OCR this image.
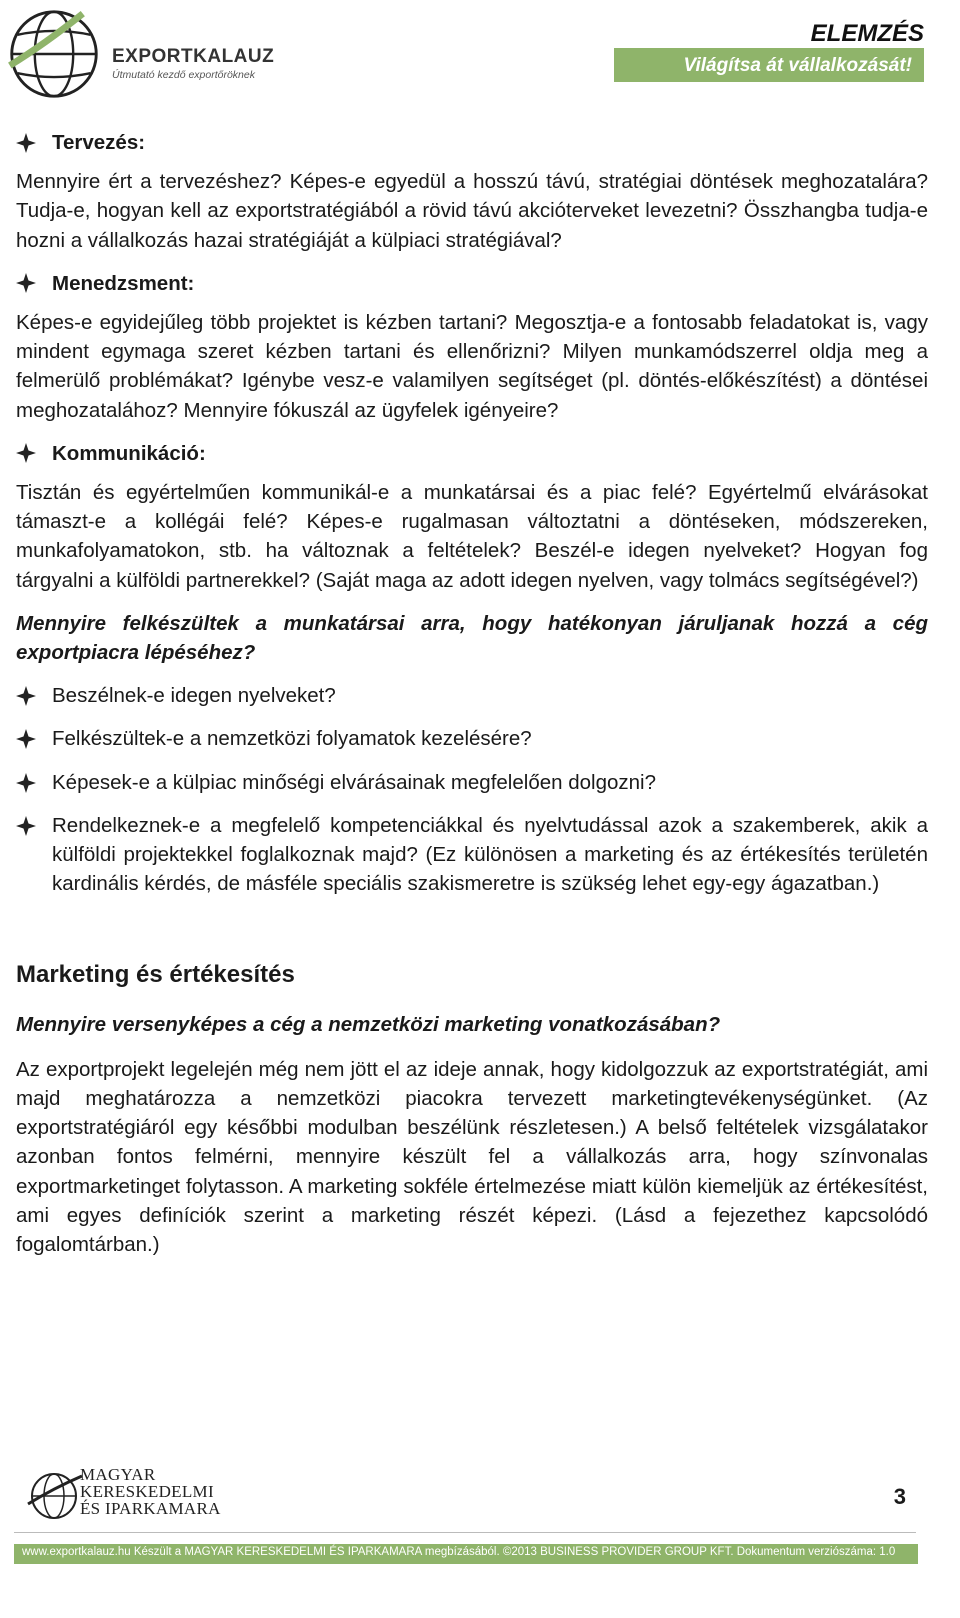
EXPORTKALAUZ
Útmutató kezdő exportőröknek
ELEMZÉS
Világítsa át vállalkozását!

Tervezés:

Mennyire ért a tervezéshez? Képes-e egyedül a hosszú távú, stratégiai döntések meghozatalára? Tudja-e, hogyan kell az exportstratégiából a rövid távú akcióterveket levezetni? Összhangba tudja-e hozni a vállalkozás hazai stratégiáját a külpiaci stratégiával?

Menedzsment:

Képes-e egyidejűleg több projektet is kézben tartani? Megosztja-e a fontosabb feladatokat is, vagy mindent egymaga szeret kézben tartani és ellenőrizni? Milyen munkamódszerrel oldja meg a felmerülő problémákat? Igénybe vesz-e valamilyen segítséget (pl. döntés-előkészítést) a döntései meghozatalához? Mennyire fókuszál az ügyfelek igényeire?

Kommunikáció:

Tisztán és egyértelműen kommunikál-e a munkatársai és a piac felé? Egyértelmű elvárásokat támaszt-e a kollégái felé? Képes-e rugalmasan változtatni a döntéseken, módszereken, munkafolyamatokon, stb. ha változnak a feltételek? Beszél-e idegen nyelveket? Hogyan fog tárgyalni a külföldi partnerekkel? (Saját maga az adott idegen nyelven, vagy tolmács segítségével?)

Mennyire felkészültek a munkatársai arra, hogy hatékonyan járuljanak hozzá a cég exportpiacra lépéséhez?

Beszélnek-e idegen nyelveket?
Felkészültek-e a nemzetközi folyamatok kezelésére?
Képesek-e a külpiac minőségi elvárásainak megfelelően dolgozni?
Rendelkeznek-e a megfelelő kompetenciákkal és nyelvtudással azok a szakemberek, akik a külföldi projektekkel foglalkoznak majd? (Ez különösen a marketing és az értékesítés területén kardinális kérdés, de másféle speciális szakismeretre is szükség lehet egy-egy ágazatban.)

Marketing és értékesítés

Mennyire versenyképes a cég a nemzetközi marketing vonatkozásában?

Az exportprojekt legelején még nem jött el az ideje annak, hogy kidolgozzuk az exportstratégiát, ami majd meghatározza a nemzetközi piacokra tervezett marketingtevékenységünket. (Az exportstratégiáról egy későbbi modulban beszélünk részletesen.) A belső feltételek vizsgálatakor azonban fontos felmérni, mennyire készült fel a vállalkozás arra, hogy színvonalas exportmarketinget folytasson. A marketing sokféle értelmezése miatt külön kiemeljük az értékesítést, ami egyes definíciók szerint a marketing részét képezi. (Lásd a fejezethez kapcsolódó fogalomtárban.)

MAGYAR
KERESKEDELMI
ÉS IPARKAMARA	3
www.exportkalauz.hu Készült a MAGYAR KERESKEDELMI ÉS IPARKAMARA megbízásából. ©2013 BUSINESS PROVIDER GROUP KFT. Dokumentum verziószáma: 1.0
